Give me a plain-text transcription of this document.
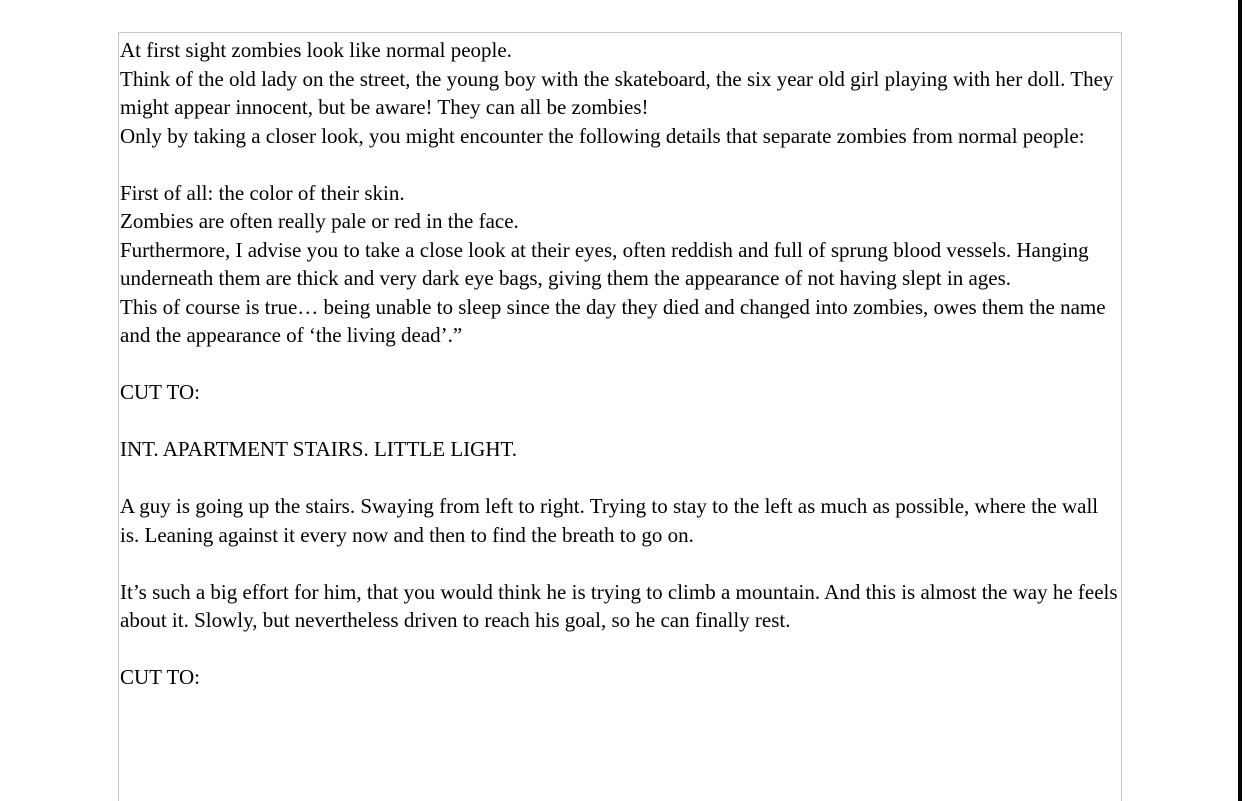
At first sight zombies look like normal people.

Think of the old lady on the street, the young boy with the skateboard, the six year old girl playing with her doll. They might appear innocent, but be aware! They can all be zombies!

Only by taking a closer look, you might encounter the following details that separate zombies from normal people:

First of all: the color of their skin.

Zombies are often really pale or red in the face.

Furthermore, I advise you to take a close look at their eyes, often reddish and full of sprung blood vessels. Hanging underneath them are thick and very dark eye bags, giving them the appearance of not having slept in ages.

This of course is true… being unable to sleep since the day they died and changed into zombies, owes them the name and the appearance of ‘the living dead’.”

CUT TO:

INT. APARTMENT STAIRS. LITTLE LIGHT.

A guy is going up the stairs. Swaying from left to right. Trying to stay to the left as much as possible, where the wall is. Leaning against it every now and then to find the breath to go on.

It’s such a big effort for him, that you would think he is trying to climb a mountain. And this is almost the way he feels about it. Slowly, but nevertheless driven to reach his goal, so he can finally rest.

CUT TO:
